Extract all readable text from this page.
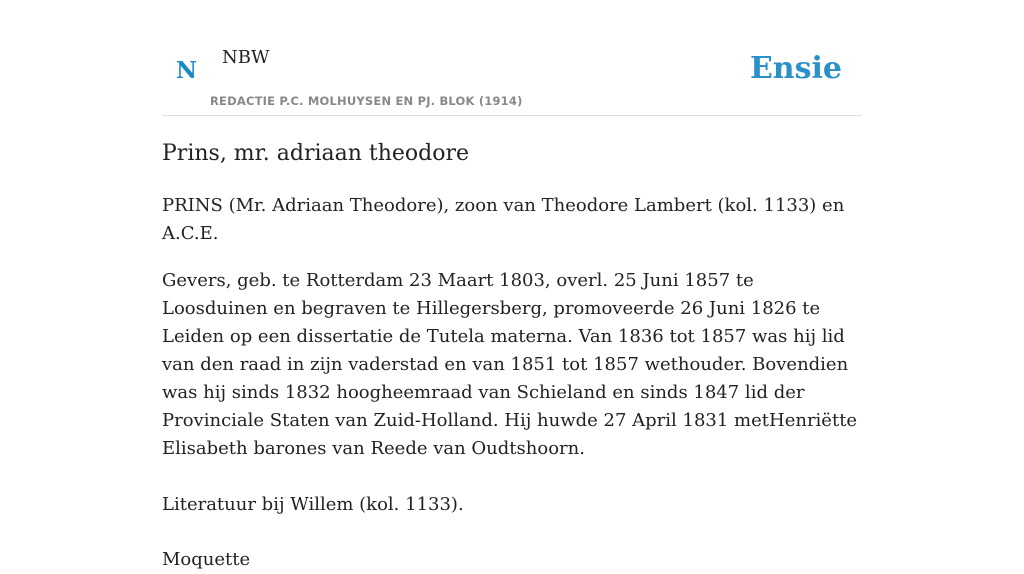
N NBW
REDACTIE P.C. MOLHUYSEN EN PJ. BLOK (1914)
Ensie
Prins, mr. adriaan theodore

PRINS (Mr. Adriaan Theodore), zoon van Theodore Lambert (kol. 1133) en A.C.E.

Gevers, geb. te Rotterdam 23 Maart 1803, overl. 25 Juni 1857 te Loosduinen en begraven te Hillegersberg, promoveerde 26 Juni 1826 te Leiden op een dissertatie de Tutela materna. Van 1836 tot 1857 was hij lid van den raad in zijn vaderstad en van 1851 tot 1857 wethouder. Bovendien was hij sinds 1832 hoogheemraad van Schieland en sinds 1847 lid der Provinciale Staten van Zuid-Holland. Hij huwde 27 April 1831 metHenriëtte Elisabeth barones van Reede van Oudtshoorn.

Literatuur bij Willem (kol. 1133).

Moquette
